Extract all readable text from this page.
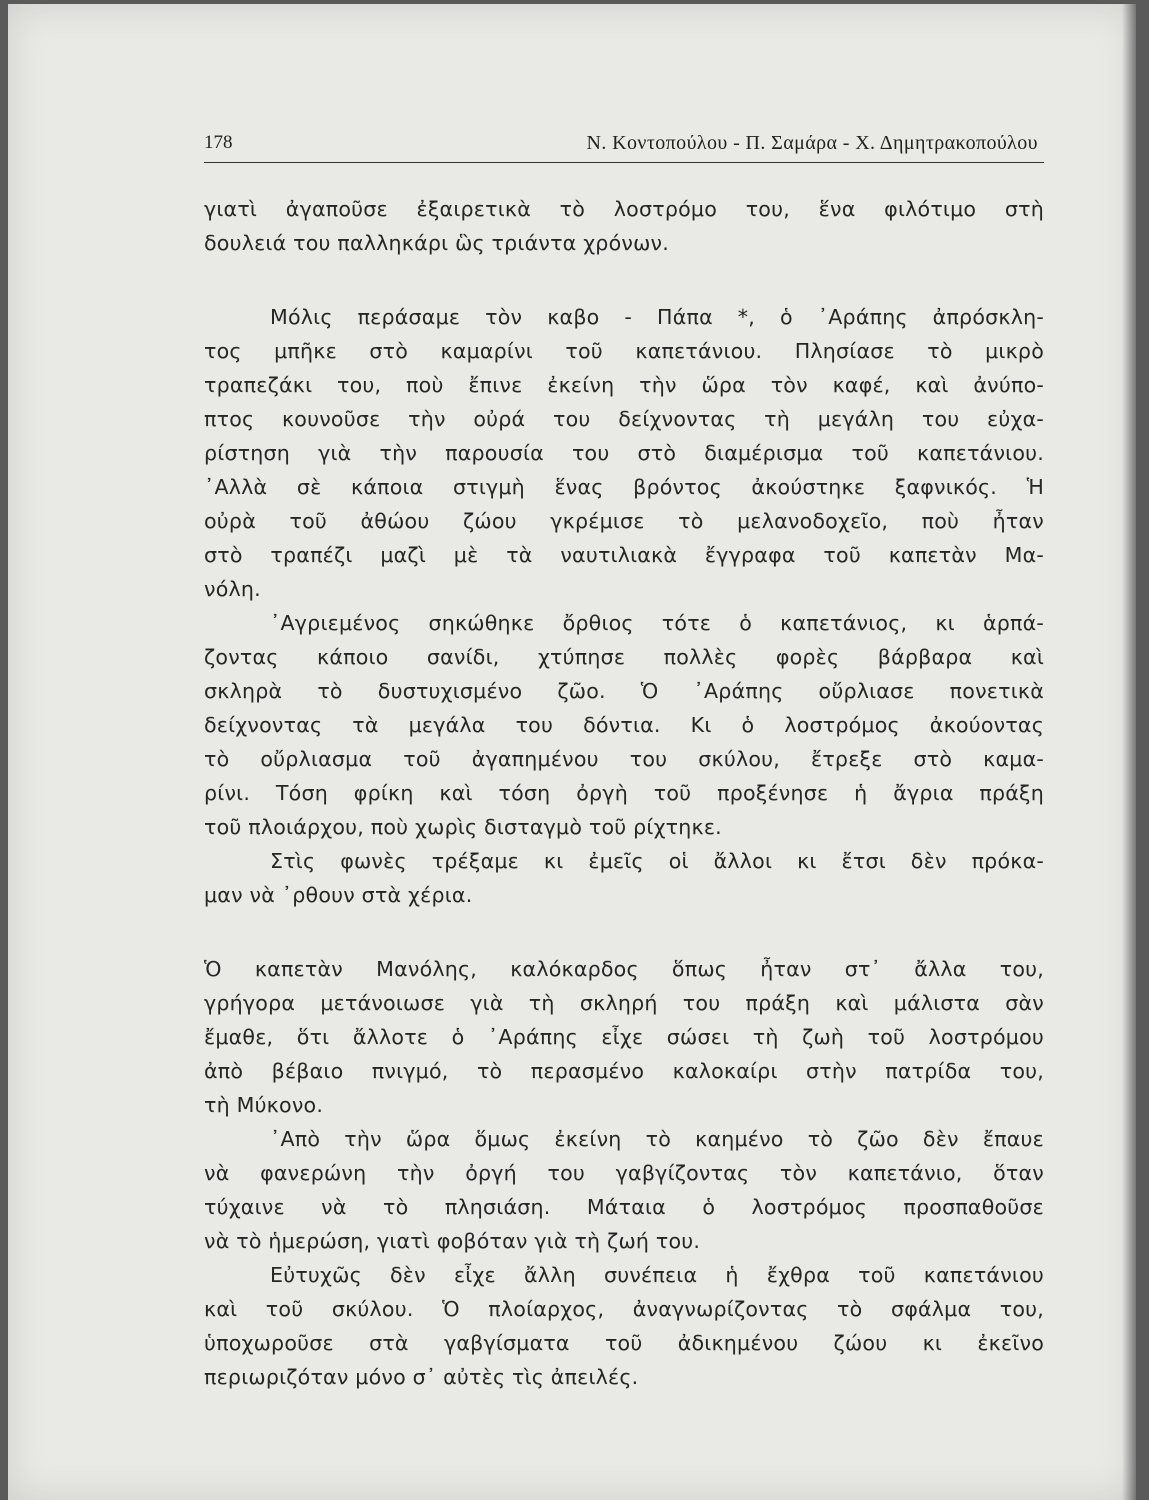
178	Ν. Κοντοπούλου - Π. Σαμάρα - Χ. Δημητρακοπούλου
γιατὶ ἀγαποῦσε ἐξαιρετικὰ τὸ λοστρόμο του, ἕνα φιλότιμο στὴ
δουλειά του παλληκάρι ὣς τριάντα χρόνων.
Μόλις περάσαμε τὸν καβο - Πάπα *, ὁ ᾿Αράπης ἀπρόσκλη-
τος μπῆκε στὸ καμαρίνι τοῦ καπετάνιου. Πλησίασε τὸ μικρὸ
τραπεζάκι του, ποὺ ἔπινε ἐκείνη τὴν ὥρα τὸν καφέ, καὶ ἀνύπο-
πτος κουνοῦσε τὴν οὐρά του δείχνοντας τὴ μεγάλη του εὐχα-
ρίστηση γιὰ τὴν παρουσία του στὸ διαμέρισμα τοῦ καπετάνιου.
᾿Αλλὰ σὲ κάποια στιγμὴ ἕνας βρόντος ἀκούστηκε ξαφνικός. Ἡ
οὐρὰ τοῦ ἀθώου ζώου γκρέμισε τὸ μελανοδοχεῖο, ποὺ ἦταν
στὸ τραπέζι μαζὶ μὲ τὰ ναυτιλιακὰ ἔγγραφα τοῦ καπετὰν Μα-
νόλη.
᾿Αγριεμένος σηκώθηκε ὄρθιος τότε ὁ καπετάνιος, κι ἁρπά-
ζοντας κάποιο σανίδι, χτύπησε πολλὲς φορὲς βάρβαρα καὶ
σκληρὰ τὸ δυστυχισμένο ζῶο. Ὁ ᾿Αράπης οὔρλιασε πονετικὰ
δείχνοντας τὰ μεγάλα του δόντια. Κι ὁ λοστρόμος ἀκούοντας
τὸ οὔρλιασμα τοῦ ἀγαπημένου του σκύλου, ἔτρεξε στὸ καμα-
ρίνι. Τόση φρίκη καὶ τόση ὀργὴ τοῦ προξένησε ἡ ἄγρια πράξη
τοῦ πλοιάρχου, ποὺ χωρὶς δισταγμὸ τοῦ ρίχτηκε.
Στὶς φωνὲς τρέξαμε κι ἐμεῖς οἱ ἄλλοι κι ἔτσι δὲν πρόκα-
μαν νὰ ᾿ρθουν στὰ χέρια.
Ὁ καπετὰν Μανόλης, καλόκαρδος ὅπως ἦταν στ᾿ ἄλλα του,
γρήγορα μετάνοιωσε γιὰ τὴ σκληρή του πράξη καὶ μάλιστα σὰν
ἔμαθε, ὅτι ἄλλοτε ὁ ᾿Αράπης εἶχε σώσει τὴ ζωὴ τοῦ λοστρόμου
ἀπὸ βέβαιο πνιγμό, τὸ περασμένο καλοκαίρι στὴν πατρίδα του,
τὴ Μύκονο.
᾿Απὸ τὴν ὥρα ὅμως ἐκείνη τὸ καημένο τὸ ζῶο δὲν ἔπαυε
νὰ φανερώνη τὴν ὀργή του γαβγίζοντας τὸν καπετάνιο, ὅταν
τύχαινε νὰ τὸ πλησιάση. Μάταια ὁ λοστρόμος προσπαθοῦσε
νὰ τὸ ἡμερώση, γιατὶ φοβόταν γιὰ τὴ ζωή του.
Εὐτυχῶς δὲν εἶχε ἄλλη συνέπεια ἡ ἔχθρα τοῦ καπετάνιου
καὶ τοῦ σκύλου. Ὁ πλοίαρχος, ἀναγνωρίζοντας τὸ σφάλμα του,
ὑποχωροῦσε στὰ γαβγίσματα τοῦ ἀδικημένου ζώου κι ἐκεῖνο
περιωριζόταν μόνο σ᾿ αὐτὲς τὶς ἀπειλές.
